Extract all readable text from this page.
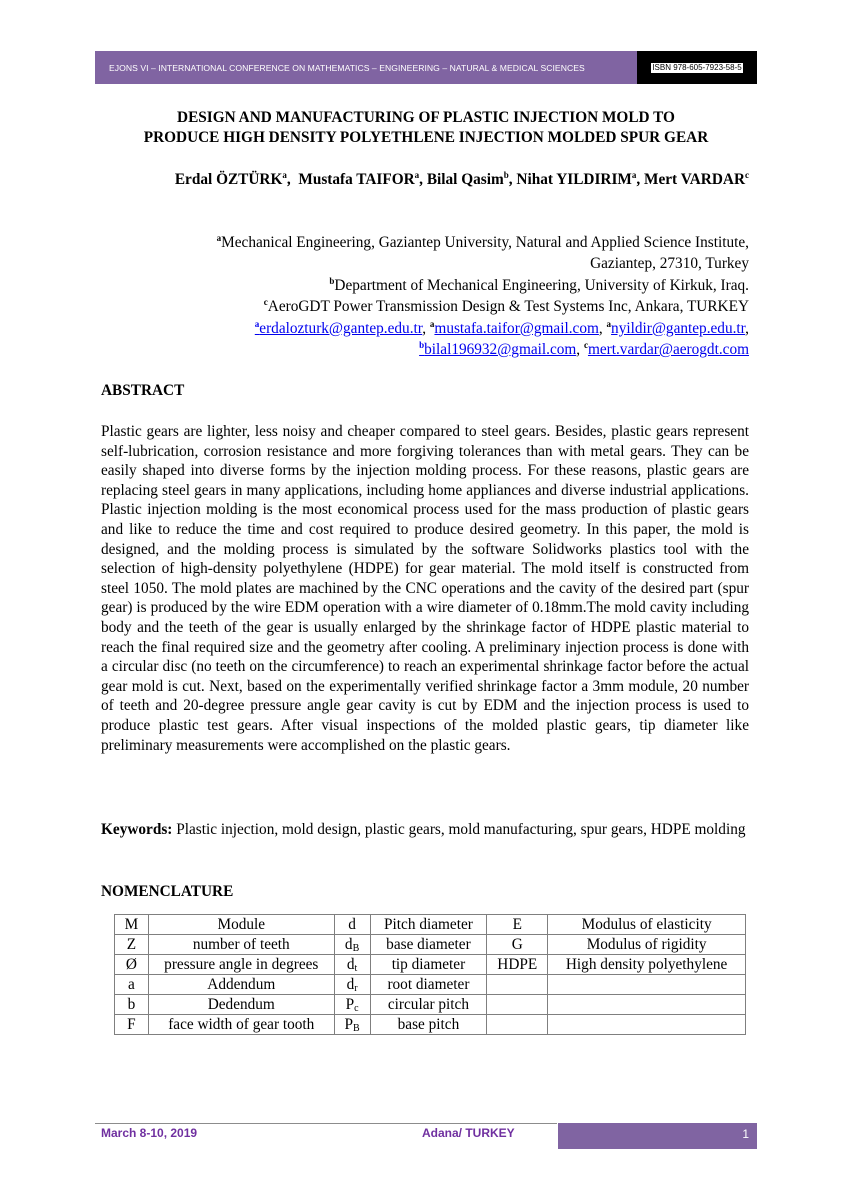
EJONS VI – INTERNATIONAL CONFERENCE ON MATHEMATICS – ENGINEERING – NATURAL & MEDICAL SCIENCES	ISBN 978-605-7923-58-5
DESIGN AND MANUFACTURING OF PLASTIC INJECTION MOLD TO
PRODUCE HIGH DENSITY POLYETHLENE INJECTION MOLDED SPUR GEAR
Erdal ÖZTÜRK$^a$,  Mustafa TAIFOR$^a$, Bilal Qasim$^b$, Nihat YILDIRIM$^a$, Mert VARDAR$^c$
$^a$Mechanical Engineering, Gaziantep University, Natural and Applied Science Institute,
Gaziantep, 27310, Turkey
$^b$Department of Mechanical Engineering, University of Kirkuk, Iraq.
$^c$AeroGDT Power Transmission Design & Test Systems Inc, Ankara, TURKEY
$^a$erdalozturk@gantep.edu.tr, $^a$mustafa.taifor@gmail.com, $^a$nyildir@gantep.edu.tr,
$^b$bilal196932@gmail.com, $^c$mert.vardar@aerogdt.com
ABSTRACT
Plastic gears are lighter, less noisy and cheaper compared to steel gears. Besides, plastic gears represent self-lubrication, corrosion resistance and more forgiving tolerances than with metal gears. They can be easily shaped into diverse forms by the injection molding process. For these reasons, plastic gears are replacing steel gears in many applications, including home appliances and diverse industrial applications. Plastic injection molding is the most economical process used for the mass production of plastic gears and like to reduce the time and cost required to produce desired geometry. In this paper, the mold is designed, and the molding process is simulated by the software Solidworks plastics tool with the selection of high-density polyethylene (HDPE) for gear material. The mold itself is constructed from steel 1050. The mold plates are machined by the CNC operations and the cavity of the desired part (spur gear) is produced by the wire EDM operation with a wire diameter of 0.18mm.The mold cavity including body and the teeth of the gear is usually enlarged by the shrinkage factor of HDPE plastic material to reach the final required size and the geometry after cooling. A preliminary injection process is done with a circular disc (no teeth on the circumference) to reach an experimental shrinkage factor before the actual gear mold is cut. Next, based on the experimentally verified shrinkage factor a 3mm module, 20 number of teeth and 20-degree pressure angle gear cavity is cut by EDM and the injection process is used to produce plastic test gears. After visual inspections of the molded plastic gears, tip diameter like preliminary measurements were accomplished on the plastic gears.
Keywords: Plastic injection, mold design, plastic gears, mold manufacturing, spur gears, HDPE molding
NOMENCLATURE
M	Module	d	Pitch diameter	E	Modulus of elasticity
Z	number of teeth	$d_B$	base diameter	G	Modulus of rigidity
Ø	pressure angle in degrees	$d_t$	tip diameter	HDPE	High density polyethylene
a	Addendum	$d_r$	root diameter		
b	Dedendum	$P_c$	circular pitch		
F	face width of gear tooth	$P_B$	base pitch		
March 8-10, 2019	Adana/ TURKEY	1
